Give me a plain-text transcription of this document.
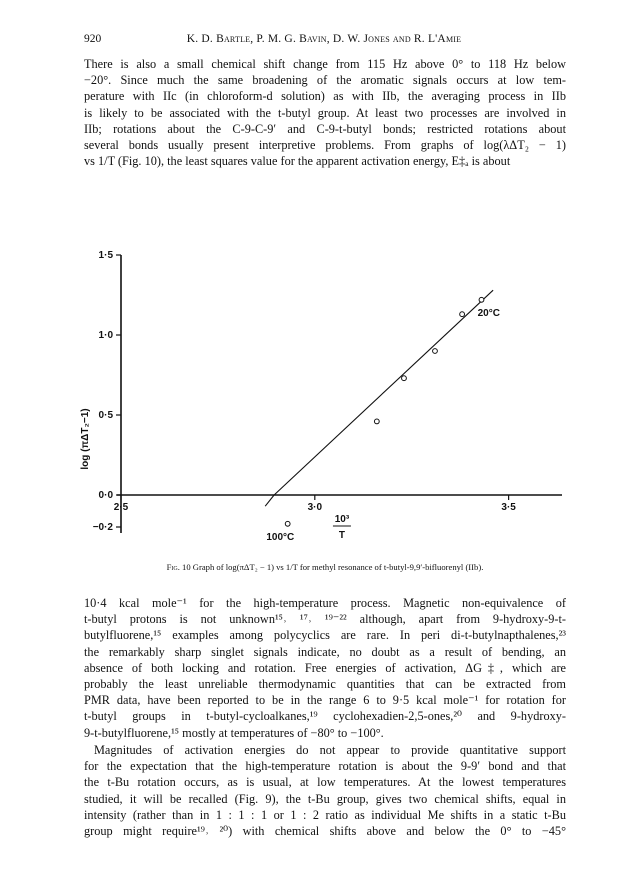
920	K. D. Bartle, P. M. G. Bavin, D. W. Jones and R. L'Amie
There is also a small chemical shift change from 115 Hz above 0° to 118 Hz below
−20°. Since much the same broadening of the aromatic signals occurs at low tem-
perature with IIc (in chloroform-d solution) as with IIb, the averaging process in IIb
is likely to be associated with the t-butyl group. At least two processes are involved in
IIb; rotations about the C-9-C-9′ and C-9-t-butyl bonds; restricted rotations about
several bonds usually present interpretive problems. From graphs of log(λΔT₂ − 1)
vs 1/T (Fig. 10), the least squares value for the apparent activation energy, E‡ₐ is about
1·5
1·0
0·5
0·0
−0·2
2·5	3·0	3·5
log (πΔT₂−1)
10³
T
20°C
100°C
Fig. 10 Graph of log(πΔT₂ − 1) vs 1/T for methyl resonance of t-butyl-9,9′-bifluorenyl (IIb).
10·4 kcal mole⁻¹ for the high-temperature process. Magnetic non-equivalence of
t-butyl protons is not unknown¹⁵˒ ¹⁷˒ ¹⁹⁻²² although, apart from 9-hydroxy-9-t-
butylfluorene,¹⁵ examples among polycyclics are rare. In peri di-t-butylnapthalenes,²³
the remarkably sharp singlet signals indicate, no doubt as a result of bending, an
absence of both locking and rotation. Free energies of activation, ΔG‡, which are
probably the least unreliable thermodynamic quantities that can be extracted from
PMR data, have been reported to be in the range 6 to 9·5 kcal mole⁻¹ for rotation for
t-butyl groups in t-butyl-cycloalkanes,¹⁹ cyclohexadien-2,5-ones,²⁰ and 9-hydroxy-
9-t-butylfluorene,¹⁵ mostly at temperatures of −80° to −100°.
Magnitudes of activation energies do not appear to provide quantitative support
for the expectation that the high-temperature rotation is about the 9-9′ bond and that
the t-Bu rotation occurs, as is usual, at low temperatures. At the lowest temperatures
studied, it will be recalled (Fig. 9), the t-Bu group, gives two chemical shifts, equal in
intensity (rather than in 1 : 1 : 1 or 1 : 2 ratio as individual Me shifts in a static t-Bu
group might require¹⁹˒ ²⁰) with chemical shifts above and below the 0° to −45°
